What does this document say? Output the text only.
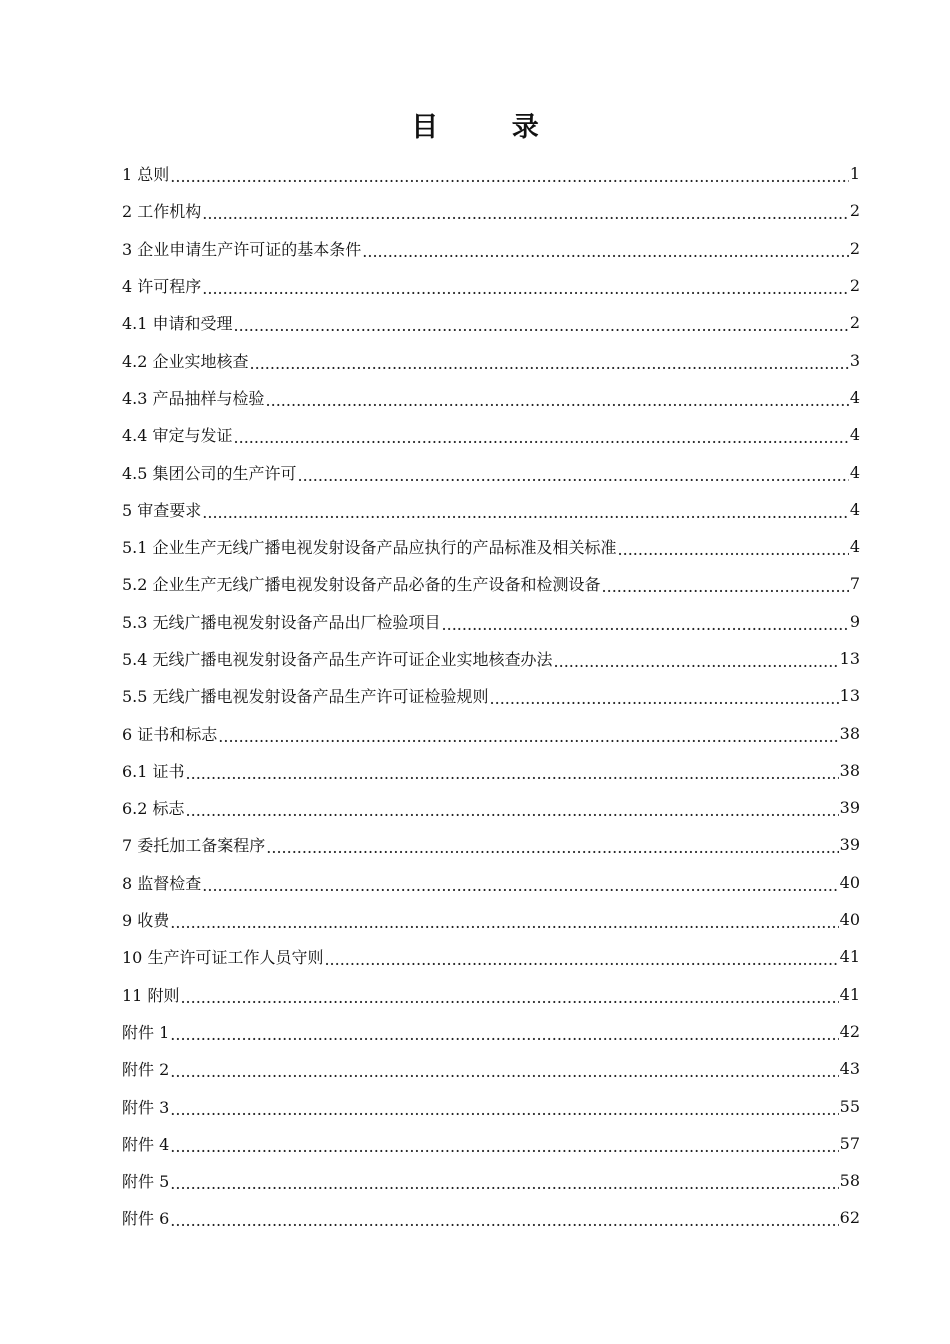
目 录
1 总则 .....	1
2 工作机构 .....	2
3 企业申请生产许可证的基本条件 .....	2
4 许可程序 .....	2
4.1 申请和受理 .....	2
4.2 企业实地核查 .....	3
4.3 产品抽样与检验 .....	4
4.4 审定与发证 .....	4
4.5 集团公司的生产许可 .....	4
5 审查要求 .....	4
5.1 企业生产无线广播电视发射设备产品应执行的产品标准及相关标准 .....	4
5.2 企业生产无线广播电视发射设备产品必备的生产设备和检测设备 .....	7
5.3 无线广播电视发射设备产品出厂检验项目 .....	9
5.4 无线广播电视发射设备产品生产许可证企业实地核查办法 .....	13
5.5 无线广播电视发射设备产品生产许可证检验规则 .....	13
6 证书和标志 .....	38
6.1 证书 .....	38
6.2 标志 .....	39
7 委托加工备案程序 .....	39
8 监督检查 .....	40
9 收费 .....	40
10 生产许可证工作人员守则 .....	41
11 附则 .....	41
附件 1 .....	42
附件 2 .....	43
附件 3 .....	55
附件 4 .....	57
附件 5 .....	58
附件 6 .....	62
